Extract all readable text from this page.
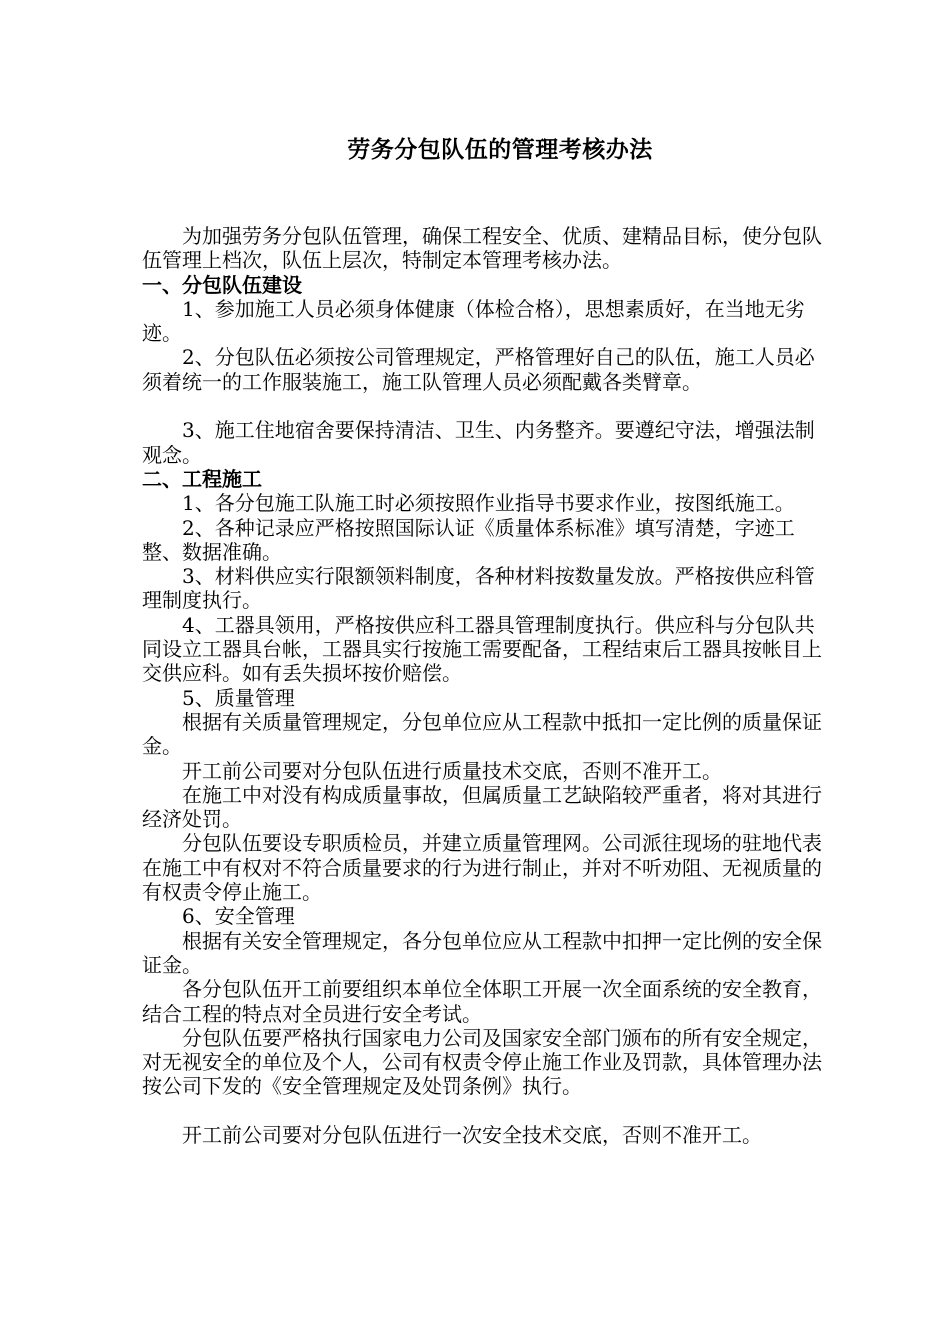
劳务分包队伍的管理考核办法

为加强劳务分包队伍管理，确保工程安全、优质、建精品目标，使分包队伍管理上档次，队伍上层次，特制定本管理考核办法。

一、分包队伍建设

1、参加施工人员必须身体健康（体检合格），思想素质好，在当地无劣迹。

2、分包队伍必须按公司管理规定，严格管理好自己的队伍，施工人员必须着统一的工作服装施工，施工队管理人员必须配戴各类臂章。

3、施工住地宿舍要保持清洁、卫生、内务整齐。要遵纪守法，增强法制观念。

二、工程施工

1、各分包施工队施工时必须按照作业指导书要求作业，按图纸施工。

2、各种记录应严格按照国际认证《质量体系标准》填写清楚，字迹工整、数据准确。

3、材料供应实行限额领料制度，各种材料按数量发放。严格按供应科管理制度执行。

4、工器具领用，严格按供应科工器具管理制度执行。供应科与分包队共同设立工器具台帐，工器具实行按施工需要配备，工程结束后工器具按帐目上交供应科。如有丢失损坏按价赔偿。

5、质量管理

根据有关质量管理规定，分包单位应从工程款中抵扣一定比例的质量保证金。

开工前公司要对分包队伍进行质量技术交底，否则不准开工。

在施工中对没有构成质量事故，但属质量工艺缺陷较严重者，将对其进行经济处罚。

分包队伍要设专职质检员，并建立质量管理网。公司派往现场的驻地代表在施工中有权对不符合质量要求的行为进行制止，并对不听劝阻、无视质量的有权责令停止施工。

6、安全管理

根据有关安全管理规定，各分包单位应从工程款中扣押一定比例的安全保证金。

各分包队伍开工前要组织本单位全体职工开展一次全面系统的安全教育，结合工程的特点对全员进行安全考试。

分包队伍要严格执行国家电力公司及国家安全部门颁布的所有安全规定，对无视安全的单位及个人，公司有权责令停止施工作业及罚款，具体管理办法按公司下发的《安全管理规定及处罚条例》执行。

开工前公司要对分包队伍进行一次安全技术交底，否则不准开工。
